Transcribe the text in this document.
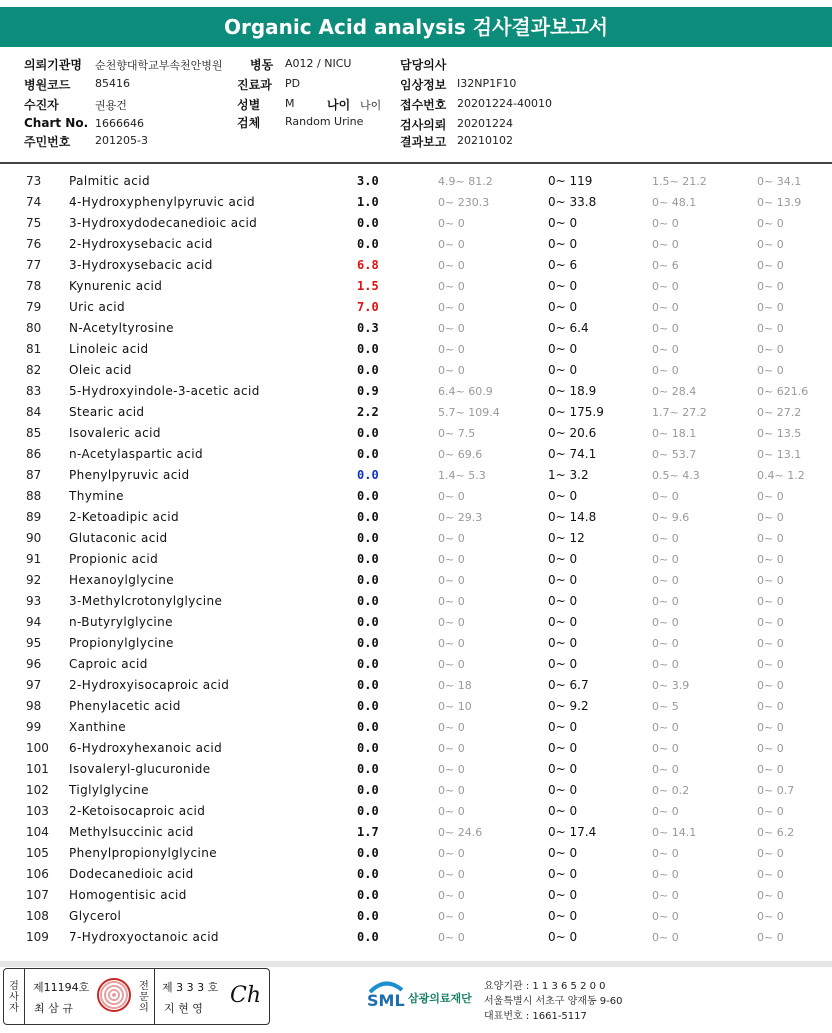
Organic Acid analysis 검사결과보고서
의뢰기관명 순천향대학교부속천안병원 병동 A012 / NICU	담당의사
병원코드 85416	진료과 PD	임상정보 I32NP1F10
수진자	권용건	성별 M	나이 나이 접수번호 20201224-40010
Chart No. 1666646	검체 Random Urine	검사의뢰 20201224
주민번호 201205-3	결과보고 20210102
73 Palmitic acid	3.0	4.9~ 81.2	0~ 119	1.5~ 21.2	0~ 34.1
74 4-Hydroxyphenylpyruvic acid	1.0	0~ 230.3	0~ 33.8	0~ 48.1	0~ 13.9
75 3-Hydroxydodecanedioic acid	0.0	0~ 0	0~ 0	0~ 0	0~ 0
76 2-Hydroxysebacic acid	0.0	0~ 0	0~ 0	0~ 0	0~ 0
77 3-Hydroxysebacic acid	6.8	0~ 0	0~ 6	0~ 6	0~ 0
78 Kynurenic acid	1.5	0~ 0	0~ 0	0~ 0	0~ 0
79 Uric acid	7.0	0~ 0	0~ 0	0~ 0	0~ 0
80 N-Acetyltyrosine	0.3	0~ 0	0~ 6.4	0~ 0	0~ 0
81 Linoleic acid	0.0	0~ 0	0~ 0	0~ 0	0~ 0
82 Oleic acid	0.0	0~ 0	0~ 0	0~ 0	0~ 0
83 5-Hydroxyindole-3-acetic acid	0.9	6.4~ 60.9	0~ 18.9	0~ 28.4	0~ 621.6
84 Stearic acid	2.2	5.7~ 109.4	0~ 175.9	1.7~ 27.2	0~ 27.2
85 Isovaleric acid	0.0	0~ 7.5	0~ 20.6	0~ 18.1	0~ 13.5
86 n-Acetylaspartic acid	0.0	0~ 69.6	0~ 74.1	0~ 53.7	0~ 13.1
87 Phenylpyruvic acid	0.0	1.4~ 5.3	1~ 3.2	0.5~ 4.3	0.4~ 1.2
88 Thymine	0.0	0~ 0	0~ 0	0~ 0	0~ 0
89 2-Ketoadipic acid	0.0	0~ 29.3	0~ 14.8	0~ 9.6	0~ 0
90 Glutaconic acid	0.0	0~ 0	0~ 12	0~ 0	0~ 0
91 Propionic acid	0.0	0~ 0	0~ 0	0~ 0	0~ 0
92 Hexanoylglycine	0.0	0~ 0	0~ 0	0~ 0	0~ 0
93 3-Methylcrotonylglycine	0.0	0~ 0	0~ 0	0~ 0	0~ 0
94 n-Butyrylglycine	0.0	0~ 0	0~ 0	0~ 0	0~ 0
95 Propionylglycine	0.0	0~ 0	0~ 0	0~ 0	0~ 0
96 Caproic acid	0.0	0~ 0	0~ 0	0~ 0	0~ 0
97 2-Hydroxyisocaproic acid	0.0	0~ 18	0~ 6.7	0~ 3.9	0~ 0
98 Phenylacetic acid	0.0	0~ 10	0~ 9.2	0~ 5	0~ 0
99 Xanthine	0.0	0~ 0	0~ 0	0~ 0	0~ 0
100 6-Hydroxyhexanoic acid	0.0	0~ 0	0~ 0	0~ 0	0~ 0
101 Isovaleryl-glucuronide	0.0	0~ 0	0~ 0	0~ 0	0~ 0
102 Tiglylglycine	0.0	0~ 0	0~ 0	0~ 0.2	0~ 0.7
103 2-Ketoisocaproic acid	0.0	0~ 0	0~ 0	0~ 0	0~ 0
104 Methylsuccinic acid	1.7	0~ 24.6	0~ 17.4	0~ 14.1	0~ 6.2
105 Phenylpropionylglycine	0.0	0~ 0	0~ 0	0~ 0	0~ 0
106 Dodecanedioic acid	0.0	0~ 0	0~ 0	0~ 0	0~ 0
107 Homogentisic acid	0.0	0~ 0	0~ 0	0~ 0	0~ 0
108 Glycerol	0.0	0~ 0	0~ 0	0~ 0	0~ 0
109 7-Hydroxyoctanoic acid	0.0	0~ 0	0~ 0	0~ 0	0~ 0
검사자
제11194호
최 삼 규
전문의
제 3 3 3 호
지 현 영
Ch	SML 삼광의료재단
요양기관 : 1 1 3 6 5 2 0 0
서울특별시 서초구 양재동 9-60
대표번호 : 1661-5117
